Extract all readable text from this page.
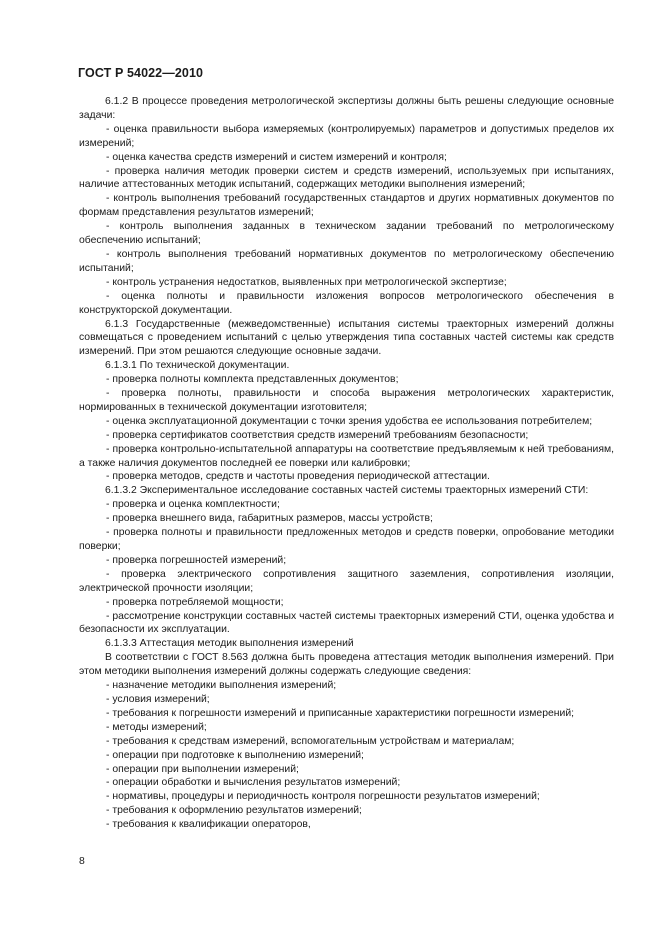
ГОСТ Р 54022—2010
6.1.2 В процессе проведения метрологической экспертизы должны быть решены следующие основные задачи:
- оценка правильности выбора измеряемых (контролируемых) параметров и допустимых пределов их измерений;
- оценка качества средств измерений и систем измерений и контроля;
- проверка наличия методик проверки систем и средств измерений, используемых при испытаниях, наличие аттестованных методик испытаний, содержащих методики выполнения измерений;
- контроль выполнения требований государственных стандартов и других нормативных документов по формам представления результатов измерений;
- контроль выполнения заданных в техническом задании требований по метрологическому обеспечению испытаний;
- контроль выполнения требований нормативных документов по метрологическому обеспечению испытаний;
- контроль устранения недостатков, выявленных при метрологической экспертизе;
- оценка полноты и правильности изложения вопросов метрологического обеспечения в конструкторской документации.
6.1.3 Государственные (межведомственные) испытания системы траекторных измерений должны совмещаться с проведением испытаний с целью утверждения типа составных частей системы как средств измерений. При этом решаются следующие основные задачи.
6.1.3.1 По технической документации.
- проверка полноты комплекта представленных документов;
- проверка полноты, правильности и способа выражения метрологических характеристик, нормированных в технической документации изготовителя;
- оценка эксплуатационной документации с точки зрения удобства ее использования потребителем;
- проверка сертификатов соответствия средств измерений требованиям безопасности;
- проверка контрольно-испытательной аппаратуры на соответствие предъявляемым к ней требованиям, а также наличия документов последней ее поверки или калибровки;
- проверка методов, средств и частоты проведения периодической аттестации.
6.1.3.2 Экспериментальное исследование составных частей системы траекторных измерений СТИ:
- проверка и оценка комплектности;
- проверка внешнего вида, габаритных размеров, массы устройств;
- проверка полноты и правильности предложенных методов и средств поверки, опробование методики поверки;
- проверка погрешностей измерений;
- проверка электрического сопротивления защитного заземления, сопротивления изоляции, электрической прочности изоляции;
- проверка потребляемой мощности;
- рассмотрение конструкции составных частей системы траекторных измерений СТИ, оценка удобства и безопасности их эксплуатации.
6.1.3.3 Аттестация методик выполнения измерений
В соответствии с ГОСТ 8.563 должна быть проведена аттестация методик выполнения измерений. При этом методики выполнения измерений должны содержать следующие сведения:
- назначение методики выполнения измерений;
- условия измерений;
- требования к погрешности измерений и приписанные характеристики погрешности измерений;
- методы измерений;
- требования к средствам измерений, вспомогательным устройствам и материалам;
- операции при подготовке к выполнению измерений;
- операции при выполнении измерений;
- операции обработки и вычисления результатов измерений;
- нормативы, процедуры и периодичность контроля погрешности результатов измерений;
- требования к оформлению результатов измерений;
- требования к квалификации операторов,
8
